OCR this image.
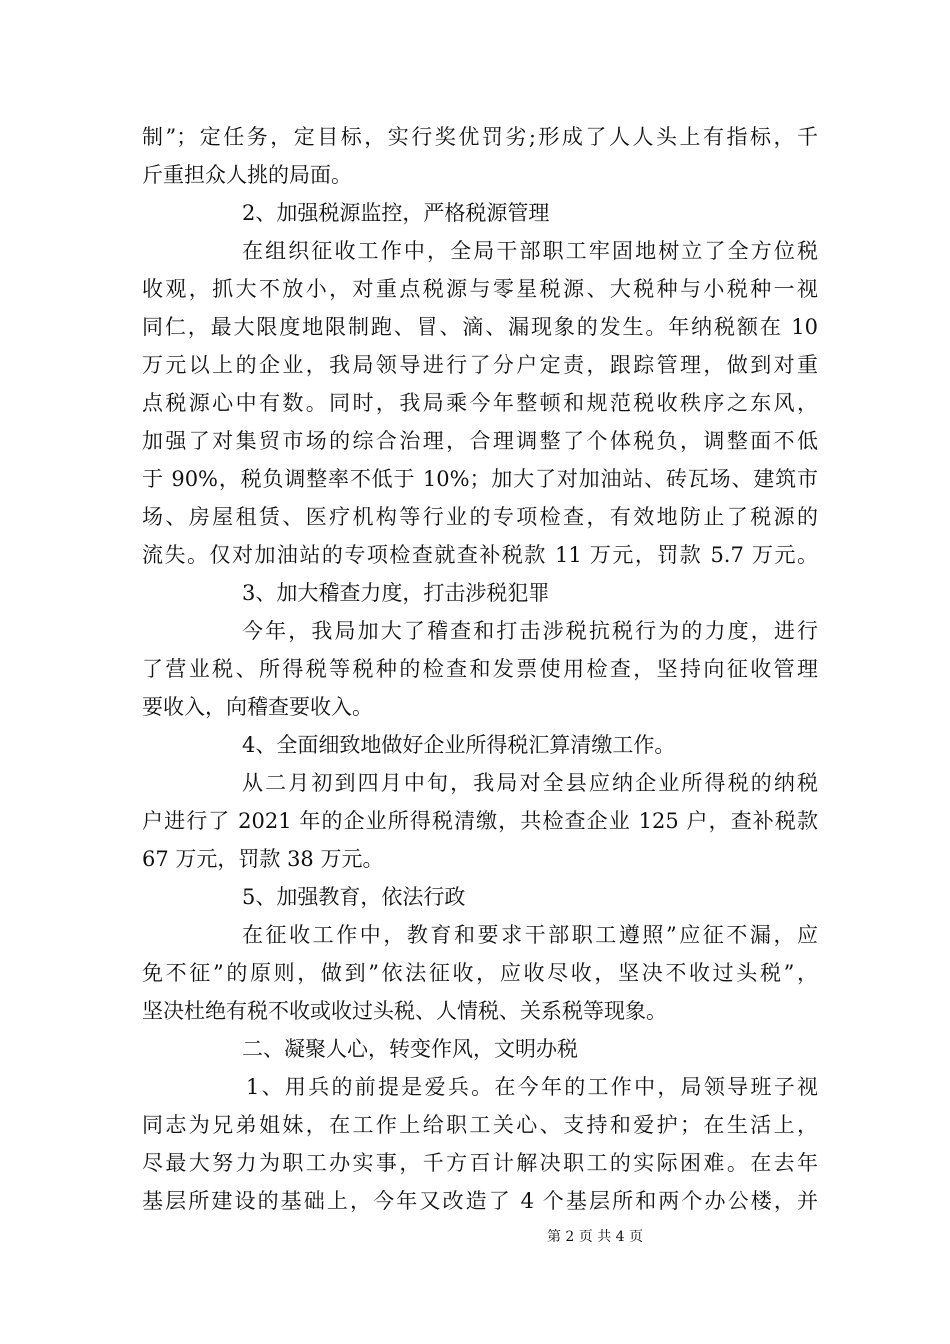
制”；定任务，定目标，实行奖优罚劣;形成了人人头上有指标，千
斤重担众人挑的局面。
2、加强税源监控，严格税源管理
在组织征收工作中，全局干部职工牢固地树立了全方位税
收观，抓大不放小，对重点税源与零星税源、大税种与小税种一视
同仁，最大限度地限制跑、冒、滴、漏现象的发生。年纳税额在 10
万元以上的企业，我局领导进行了分户定责，跟踪管理，做到对重
点税源心中有数。同时，我局乘今年整顿和规范税收秩序之东风，
加强了对集贸市场的综合治理，合理调整了个体税负，调整面不低
于 90%，税负调整率不低于 10%；加大了对加油站、砖瓦场、建筑市
场、房屋租赁、医疗机构等行业的专项检查，有效地防止了税源的
流失。仅对加油站的专项检查就查补税款 11 万元，罚款 5.7 万元。
3、加大稽查力度，打击涉税犯罪
今年，我局加大了稽查和打击涉税抗税行为的力度，进行
了营业税、所得税等税种的检查和发票使用检查，坚持向征收管理
要收入，向稽查要收入。
4、全面细致地做好企业所得税汇算清缴工作。
从二月初到四月中旬，我局对全县应纳企业所得税的纳税
户进行了 2021 年的企业所得税清缴，共检查企业 125 户，查补税款
67 万元，罚款 38 万元。
5、加强教育，依法行政
在征收工作中，教育和要求干部职工遵照”应征不漏，应
免不征”的原则，做到”依法征收，应收尽收，坚决不收过头税”，
坚决杜绝有税不收或收过头税、人情税、关系税等现象。
二、凝聚人心，转变作风，文明办税
1、用兵的前提是爱兵。在今年的工作中，局领导班子视
同志为兄弟姐妹，在工作上给职工关心、支持和爱护；在生活上，
尽最大努力为职工办实事，千方百计解决职工的实际困难。在去年
基层所建设的基础上，今年又改造了 4 个基层所和两个办公楼，并
第 2 页 共 4 页
